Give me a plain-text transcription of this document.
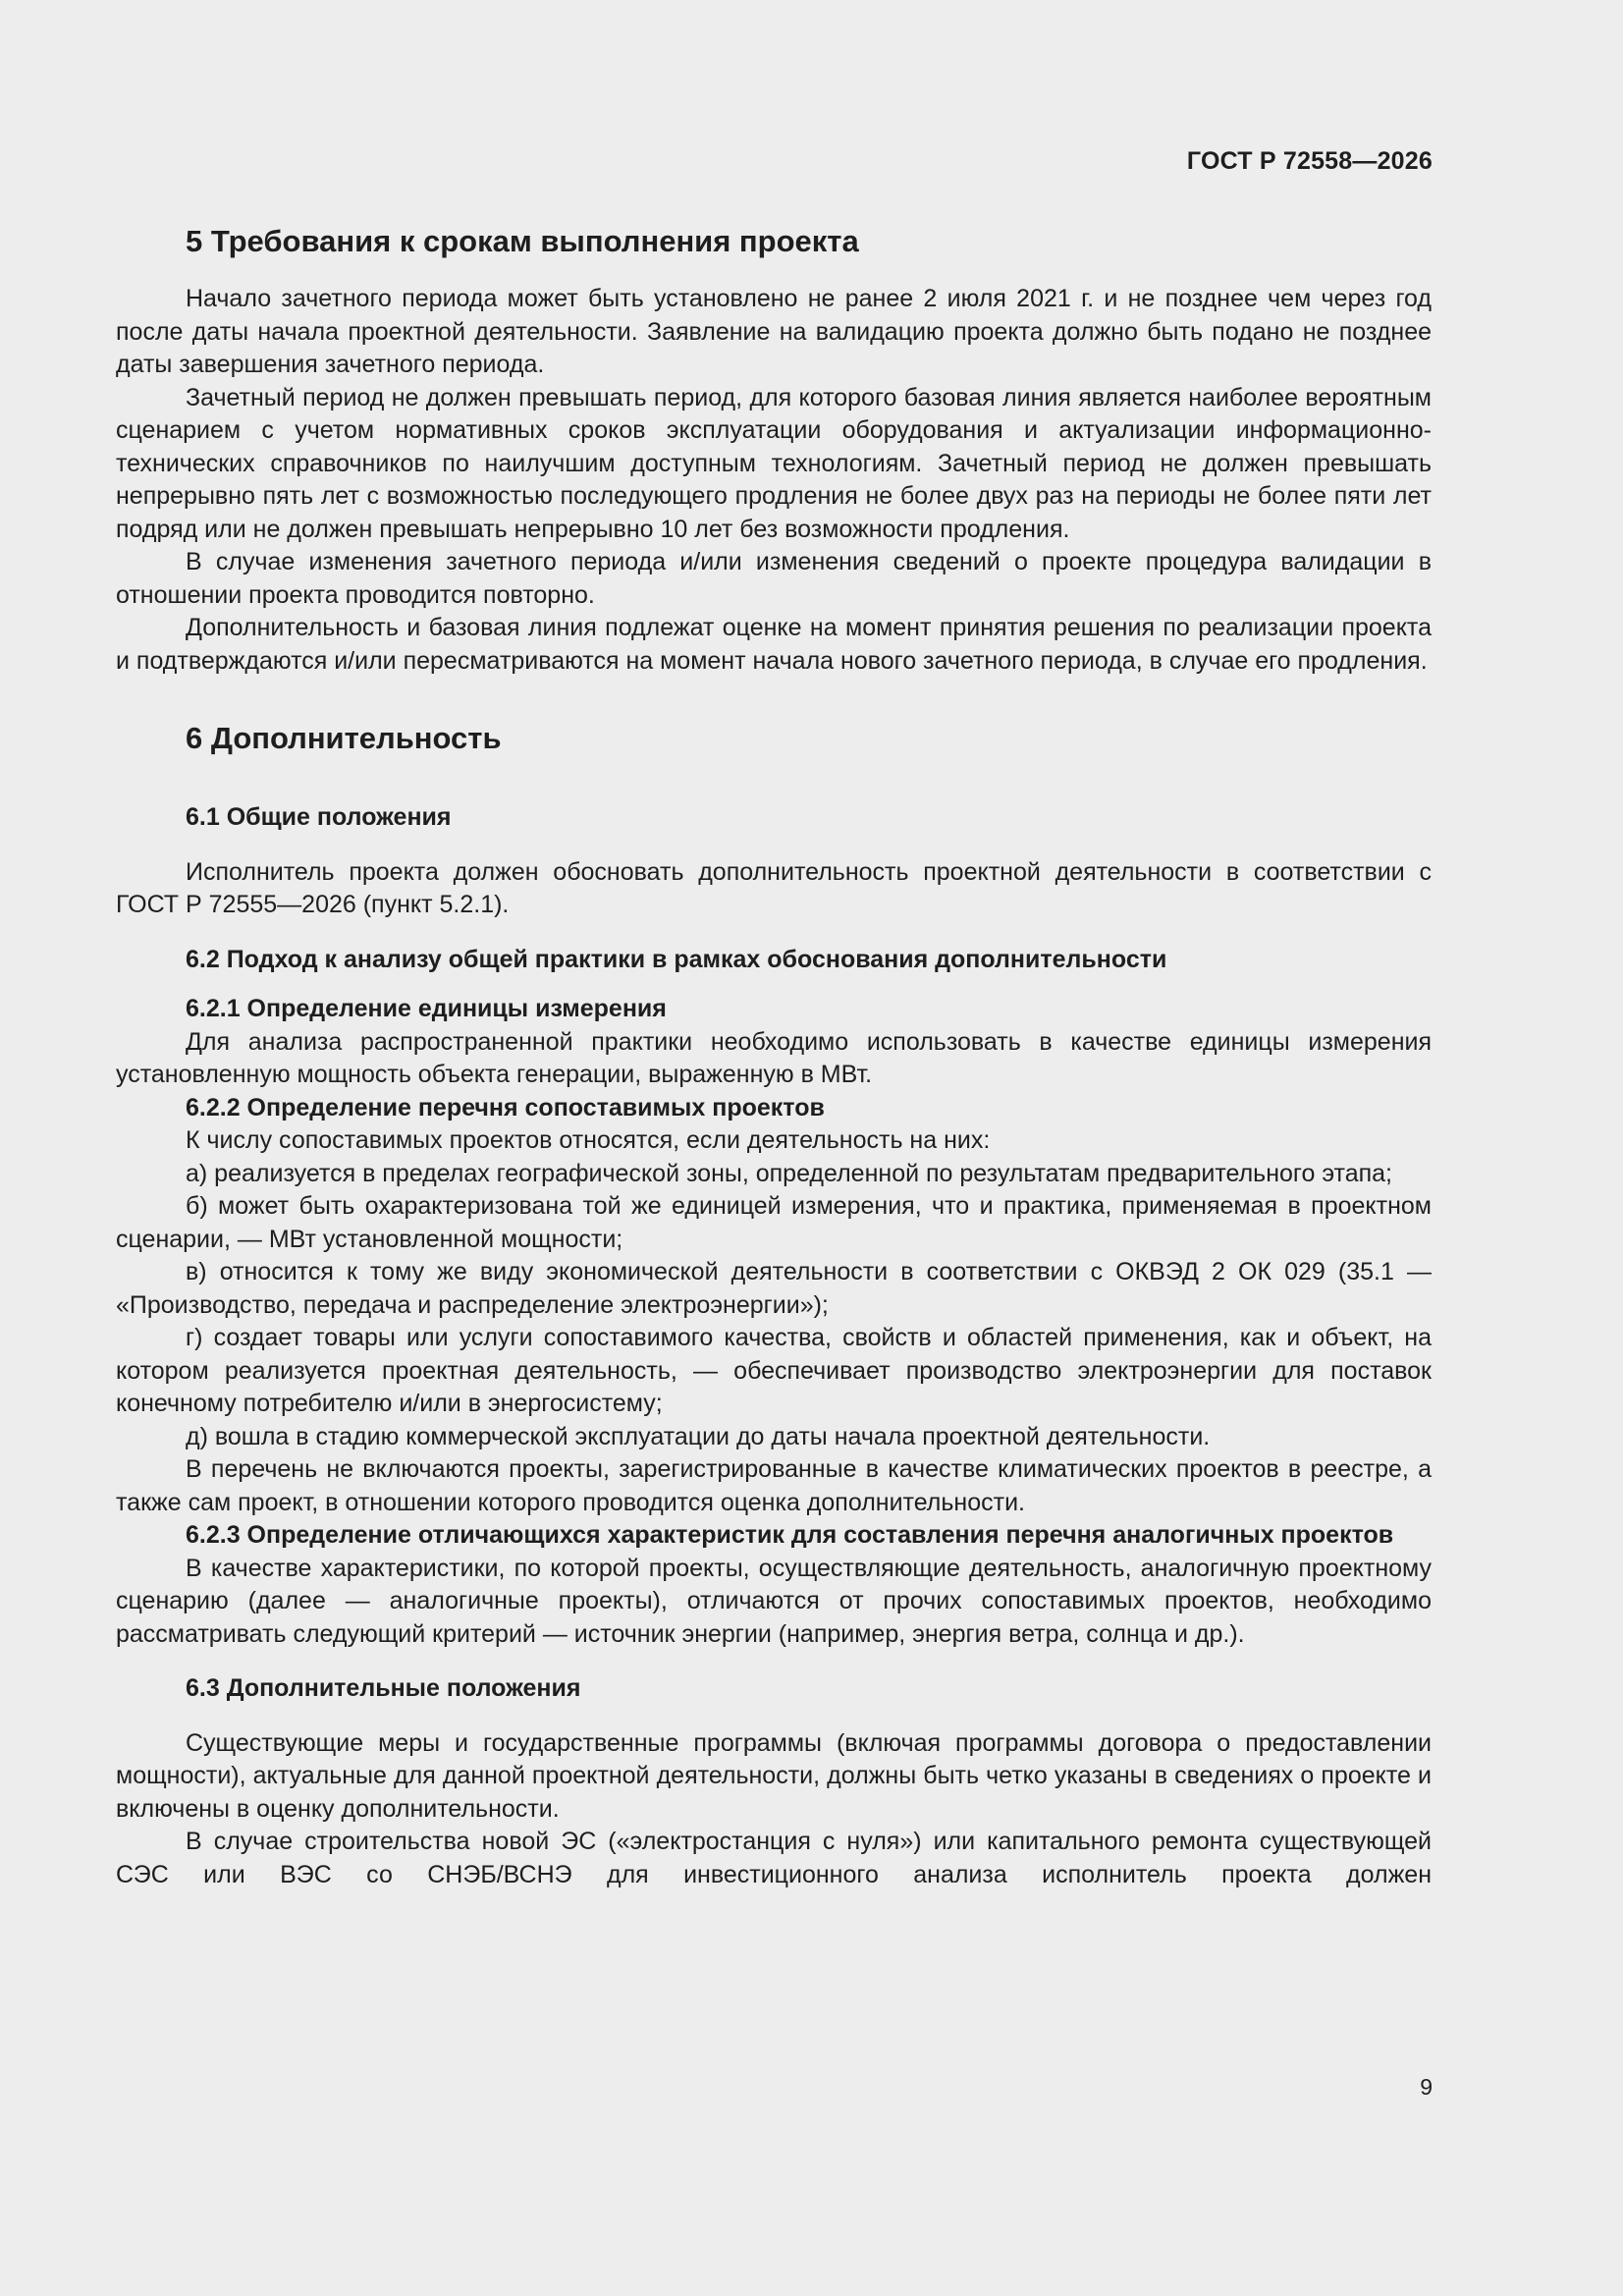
ГОСТ Р 72558—2026
5 Требования к срокам выполнения проекта

Начало зачетного периода может быть установлено не ранее 2 июля 2021 г. и не позднее чем через год после даты начала проектной деятельности. Заявление на валидацию проекта должно быть подано не позднее даты завершения зачетного периода.

Зачетный период не должен превышать период, для которого базовая линия является наиболее вероятным сценарием с учетом нормативных сроков эксплуатации оборудования и актуализации информационно-технических справочников по наилучшим доступным технологиям. Зачетный период не должен превышать непрерывно пять лет с возможностью последующего продления не более двух раз на периоды не более пяти лет подряд или не должен превышать непрерывно 10 лет без возможности продления.

В случае изменения зачетного периода и/или изменения сведений о проекте процедура валидации в отношении проекта проводится повторно.

Дополнительность и базовая линия подлежат оценке на момент принятия решения по реализации проекта и подтверждаются и/или пересматриваются на момент начала нового зачетного периода, в случае его продления.

6 Дополнительность
6.1 Общие положения

Исполнитель проекта должен обосновать дополнительность проектной деятельности в соответствии с ГОСТ Р 72555—2026 (пункт 5.2.1).

6.2 Подход к анализу общей практики в рамках обоснования дополнительности
6.2.1 Определение единицы измерения

Для анализа распространенной практики необходимо использовать в качестве единицы измерения установленную мощность объекта генерации, выраженную в МВт.

6.2.2 Определение перечня сопоставимых проектов

К числу сопоставимых проектов относятся, если деятельность на них:

а) реализуется в пределах географической зоны, определенной по результатам предварительного этапа;

б) может быть охарактеризована той же единицей измерения, что и практика, применяемая в проектном сценарии, — МВт установленной мощности;

в) относится к тому же виду экономической деятельности в соответствии с ОКВЭД 2 ОК 029 (35.1 — «Производство, передача и распределение электроэнергии»);

г) создает товары или услуги сопоставимого качества, свойств и областей применения, как и объект, на котором реализуется проектная деятельность, — обеспечивает производство электроэнергии для поставок конечному потребителю и/или в энергосистему;

д) вошла в стадию коммерческой эксплуатации до даты начала проектной деятельности.

В перечень не включаются проекты, зарегистрированные в качестве климатических проектов в реестре, а также сам проект, в отношении которого проводится оценка дополнительности.

6.2.3 Определение отличающихся характеристик для составления перечня аналогичных проектов

В качестве характеристики, по которой проекты, осуществляющие деятельность, аналогичную проектному сценарию (далее — аналогичные проекты), отличаются от прочих сопоставимых проектов, необходимо рассматривать следующий критерий — источник энергии (например, энергия ветра, солнца и др.).

6.3 Дополнительные положения

Существующие меры и государственные программы (включая программы договора о предоставлении мощности), актуальные для данной проектной деятельности, должны быть четко указаны в сведениях о проекте и включены в оценку дополнительности.

В случае строительства новой ЭС («электростанция с нуля») или капитального ремонта существующей СЭС или ВЭС со СНЭБ/ВСНЭ для инвестиционного анализа исполнитель проекта должен

9
